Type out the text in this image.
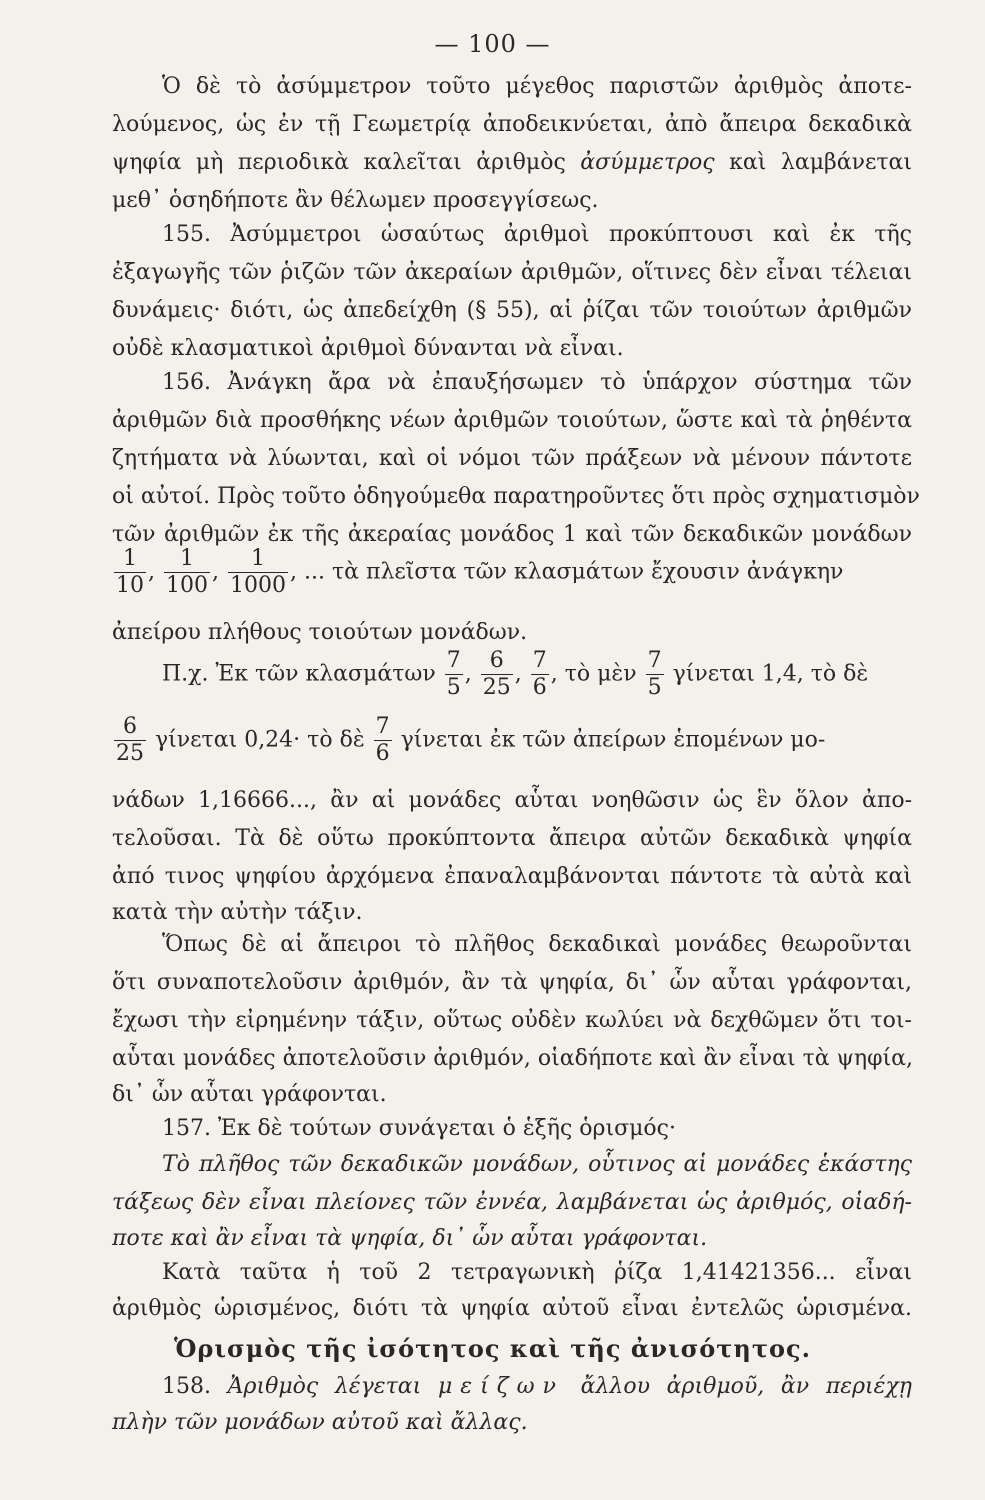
— 100 —
Ὁ δὲ τὸ ἀσύμμετρον τοῦτο μέγεθος παριστῶν ἀριθμὸς ἀποτε-
λούμενος, ὡς ἐν τῇ Γεωμετρίᾳ ἀποδεικνύεται, ἀπὸ ἄπειρα δεκαδικὰ
ψηφία μὴ περιοδικὰ καλεῖται ἀριθμὸς ἀσύμμετρος καὶ λαμβάνεται
μεθ᾽ ὁσηδήποτε ἂν θέλωμεν προσεγγίσεως.
155. Ἀσύμμετροι ὡσαύτως ἀριθμοὶ προκύπτουσι καὶ ἐκ τῆς
ἐξαγωγῆς τῶν ῥιζῶν τῶν ἀκεραίων ἀριθμῶν, οἵτινες δὲν εἶναι τέλειαι
δυνάμεις· διότι, ὡς ἀπεδείχθη (§ 55), αἱ ῥίζαι τῶν τοιούτων ἀριθμῶν
οὐδὲ κλασματικοὶ ἀριθμοὶ δύνανται νὰ εἶναι.
156. Ἀνάγκη ἄρα νὰ ἐπαυξήσωμεν τὸ ὑπάρχον σύστημα τῶν
ἀριθμῶν διὰ προσθήκης νέων ἀριθμῶν τοιούτων, ὥστε καὶ τὰ ῥηθέντα
ζητήματα νὰ λύωνται, καὶ οἱ νόμοι τῶν πράξεων νὰ μένουν πάντοτε
οἱ αὐτοί. Πρὸς τοῦτο ὁδηγούμεθα παρατηροῦντες ὅτι πρὸς σχηματισμὸν
τῶν ἀριθμῶν ἐκ τῆς ἀκεραίας μονάδος 1 καὶ τῶν δεκαδικῶν μονάδων
$\frac{1}{10}$ , $\frac{1}{100}$ , $\frac{1}{1000}$ , ... τὰ πλεῖστα τῶν κλασμάτων ἔχουσιν ἀνάγκην
ἀπείρου πλήθους τοιούτων μονάδων.
Π.χ. Ἐκ τῶν κλασμάτων $\frac{7}{5}$ , $\frac{6}{25}$ , $\frac{7}{6}$ , τὸ μὲν $\frac{7}{5}$ γίνεται 1,4, τὸ δὲ
$\frac{6}{25}$ γίνεται 0,24· τὸ δὲ $\frac{7}{6}$ γίνεται ἐκ τῶν ἀπείρων ἑπομένων μο-
νάδων 1,16666..., ἂν αἱ μονάδες αὗται νοηθῶσιν ὡς ἓν ὅλον ἀπο-
τελοῦσαι. Τὰ δὲ οὕτω προκύπτοντα ἄπειρα αὐτῶν δεκαδικὰ ψηφία
ἀπό τινος ψηφίου ἀρχόμενα ἐπαναλαμβάνονται πάντοτε τὰ αὐτὰ καὶ
κατὰ τὴν αὐτὴν τάξιν.
Ὅπως δὲ αἱ ἄπειροι τὸ πλῆθος δεκαδικαὶ μονάδες θεωροῦνται
ὅτι συναποτελοῦσιν ἀριθμόν, ἂν τὰ ψηφία, δι᾽ ὧν αὗται γράφονται,
ἔχωσι τὴν εἰρημένην τάξιν, οὕτως οὐδὲν κωλύει νὰ δεχθῶμεν ὅτι τοι-
αὗται μονάδες ἀποτελοῦσιν ἀριθμόν, οἱαδήποτε καὶ ἂν εἶναι τὰ ψηφία,
δι᾽ ὧν αὗται γράφονται.
157. Ἐκ δὲ τούτων συνάγεται ὁ ἑξῆς ὁρισμός·
Τὸ πλῆθος τῶν δεκαδικῶν μονάδων, οὗτινος αἱ μονάδες ἑκάστης
τάξεως δὲν εἶναι πλείονες τῶν ἐννέα, λαμβάνεται ὡς ἀριθμός, οἱαδή-
ποτε καὶ ἂν εἶναι τὰ ψηφία, δι᾽ ὧν αὗται γράφονται.
Κατὰ ταῦτα ἡ τοῦ 2 τετραγωνικὴ ῥίζα 1,41421356... εἶναι
ἀριθμὸς ὡρισμένος, διότι τὰ ψηφία αὐτοῦ εἶναι ἐντελῶς ὡρισμένα.
Ὁρισμὸς τῆς ἰσότητος καὶ τῆς ἀνισότητος.
158. Ἀριθμὸς λέγεται μείζων ἄλλου ἀριθμοῦ, ἂν περιέχῃ
πλὴν τῶν μονάδων αὐτοῦ καὶ ἄλλας.
